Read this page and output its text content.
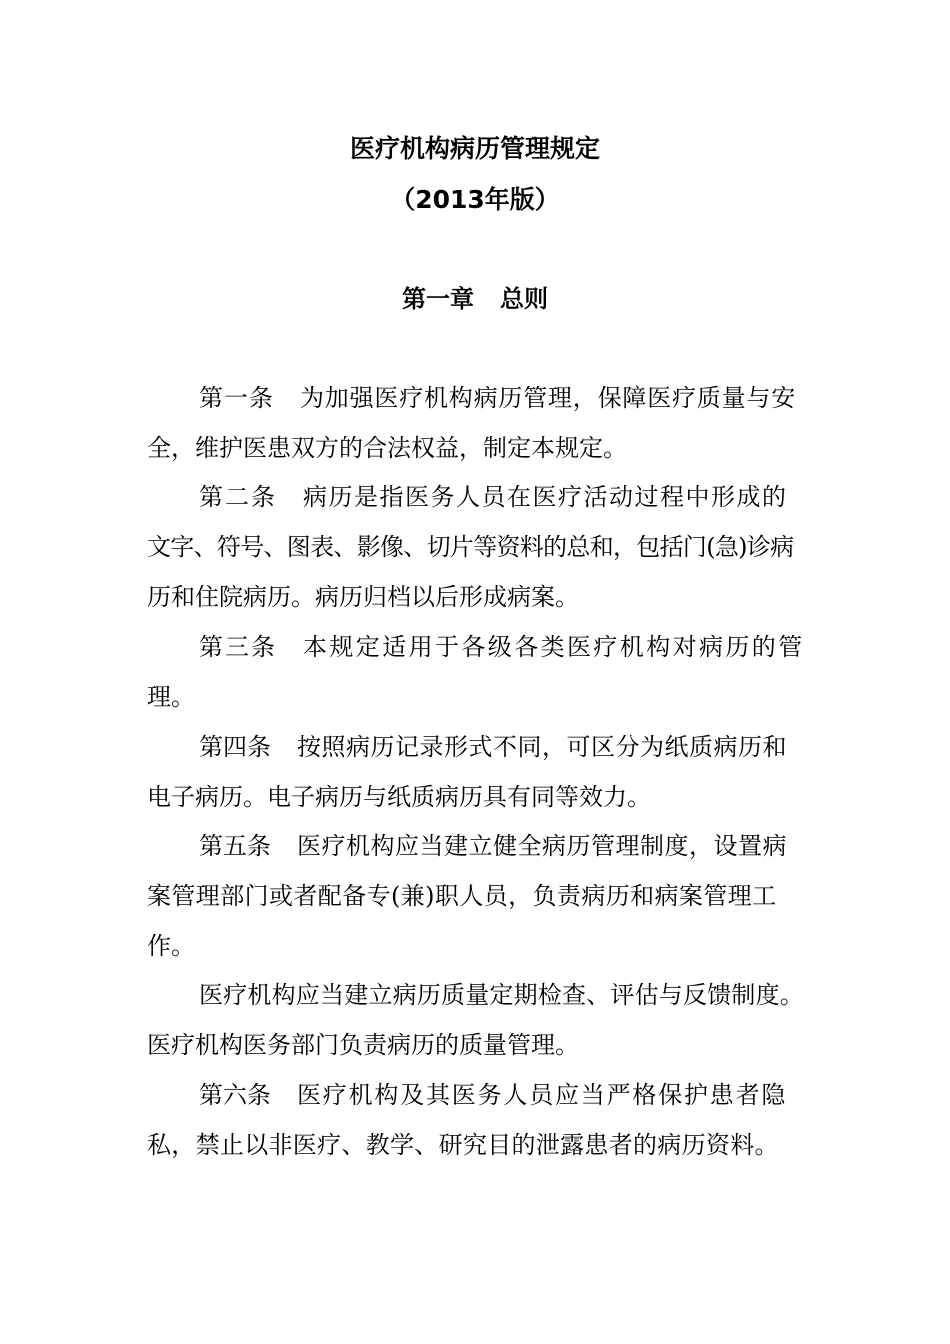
医疗机构病历管理规定
（2013年版）
第一章 总则

第一条 为加强医疗机构病历管理，保障医疗质量与安

全，维护医患双方的合法权益，制定本规定。

第二条 病历是指医务人员在医疗活动过程中形成的

文字、符号、图表、影像、切片等资料的总和，包括门(急)诊病

历和住院病历。病历归档以后形成病案。

第三条 本规定适用于各级各类医疗机构对病历的管

理。

第四条 按照病历记录形式不同，可区分为纸质病历和

电子病历。电子病历与纸质病历具有同等效力。

第五条 医疗机构应当建立健全病历管理制度，设置病

案管理部门或者配备专(兼)职人员，负责病历和病案管理工

作。

医疗机构应当建立病历质量定期检查、评估与反馈制度。

医疗机构医务部门负责病历的质量管理。

第六条 医疗机构及其医务人员应当严格保护患者隐

私，禁止以非医疗、教学、研究目的泄露患者的病历资料。
